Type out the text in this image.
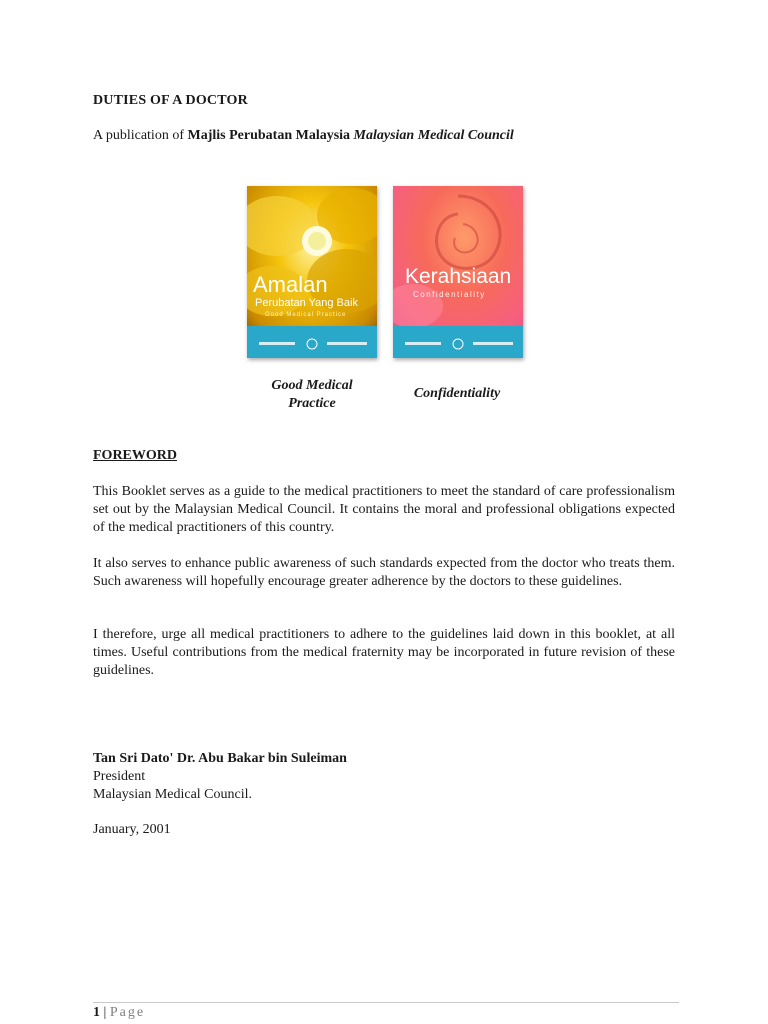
DUTIES OF A DOCTOR
A publication of Majlis Perubatan Malaysia Malaysian Medical Council
Amalan
Perubatan Yang Baik
Good Medical Practice
Kerahsiaan
Confidentiality
Good Medical
Practice
Confidentiality
FOREWORD
This Booklet serves as a guide to the medical practitioners to meet the standard of care professionalism set out by the Malaysian Medical Council. It contains the moral and professional obligations expected of the medical practitioners of this country.
It also serves to enhance public awareness of such standards expected from the doctor who treats them. Such awareness will hopefully encourage greater adherence by the doctors to these guidelines.
I therefore, urge all medical practitioners to adhere to the guidelines laid down in this booklet, at all times. Useful contributions from the medical fraternity may be incorporated in future revision of these guidelines.
Tan Sri Dato' Dr. Abu Bakar bin Suleiman
President
Malaysian Medical Council.
January, 2001
1 | Page
